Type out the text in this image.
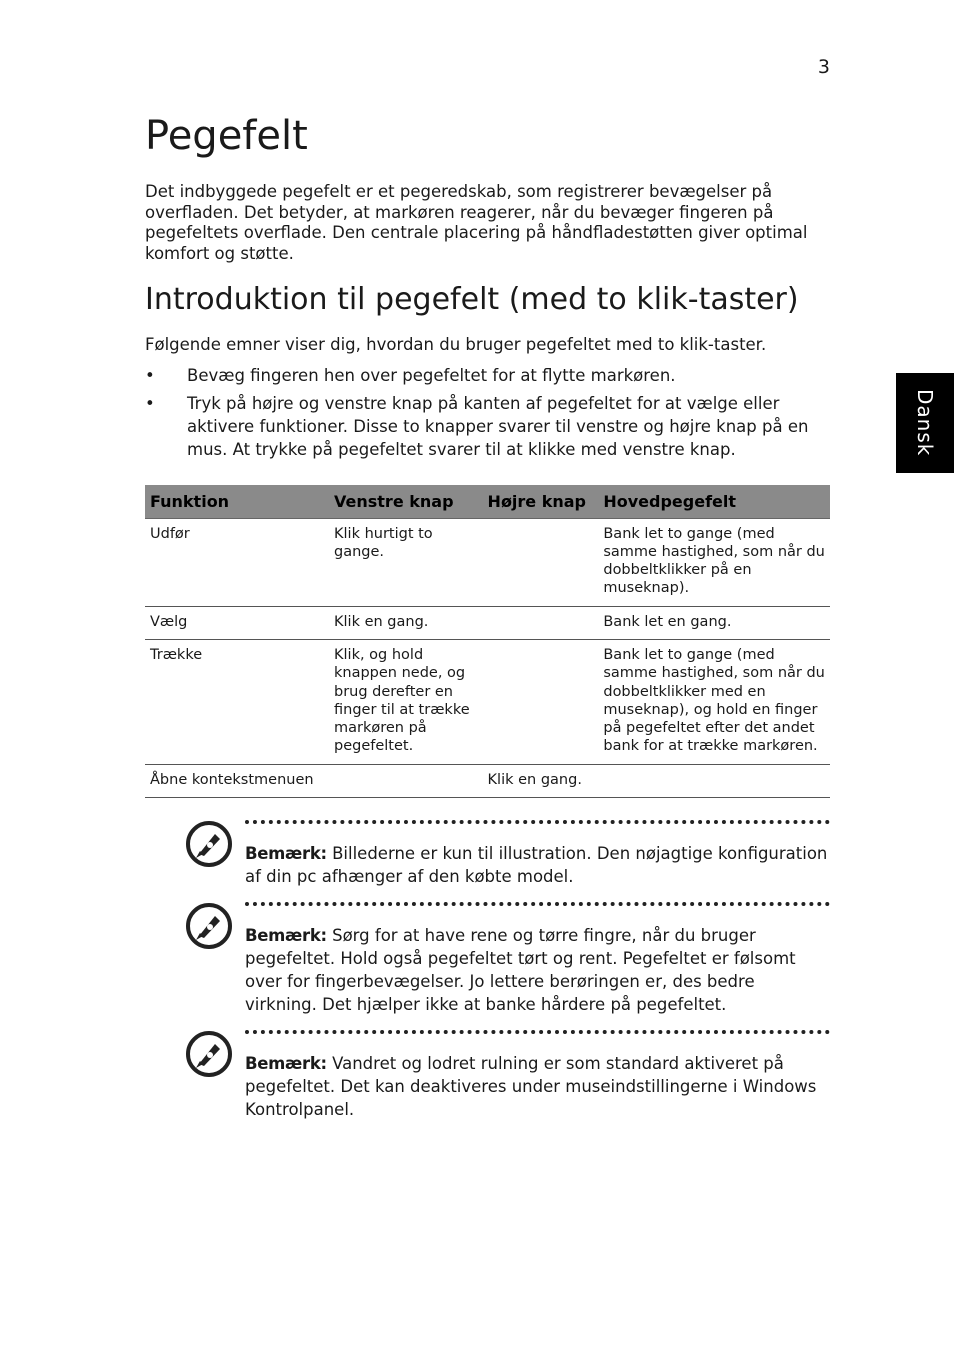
3
Dansk
Pegefelt

Det indbyggede pegefelt er et pegeredskab, som registrerer bevægelser på overfladen. Det betyder, at markøren reagerer, når du bevæger fingeren på pegefeltets overflade. Den centrale placering på håndfladestøtten giver optimal komfort og støtte.

Introduktion til pegefelt (med to klik-taster)

Følgende emner viser dig, hvordan du bruger pegefeltet med to klik-taster.

• Bevæg fingeren hen over pegefeltet for at flytte markøren.
• Tryk på højre og venstre knap på kanten af pegefeltet for at vælge eller aktivere funktioner. Disse to knapper svarer til venstre og højre knap på en mus. At trykke på pegefeltet svarer til at klikke med venstre knap.
Funktion	Venstre knap	Højre knap	Hovedpegefelt
Udfør	Klik hurtigt to gange.		Bank let to gange (med samme hastighed, som når du dobbeltklikker på en museknap).
Vælg	Klik en gang.		Bank let en gang.
Trække	Klik, og hold knappen nede, og brug derefter en finger til at trække markøren på pegefeltet.		Bank let to gange (med samme hastighed, som når du dobbeltklikker med en museknap), og hold en finger på pegefeltet efter det andet bank for at trække markøren.
Åbne kontekstmenuen		Klik en gang.	

Bemærk: Billederne er kun til illustration. Den nøjagtige konfiguration af din pc afhænger af den købte model.

Bemærk: Sørg for at have rene og tørre fingre, når du bruger pegefeltet. Hold også pegefeltet tørt og rent. Pegefeltet er følsomt over for fingerbevægelser. Jo lettere berøringen er, des bedre virkning. Det hjælper ikke at banke hårdere på pegefeltet.

Bemærk: Vandret og lodret rulning er som standard aktiveret på pegefeltet. Det kan deaktiveres under museindstillingerne i Windows Kontrolpanel.
